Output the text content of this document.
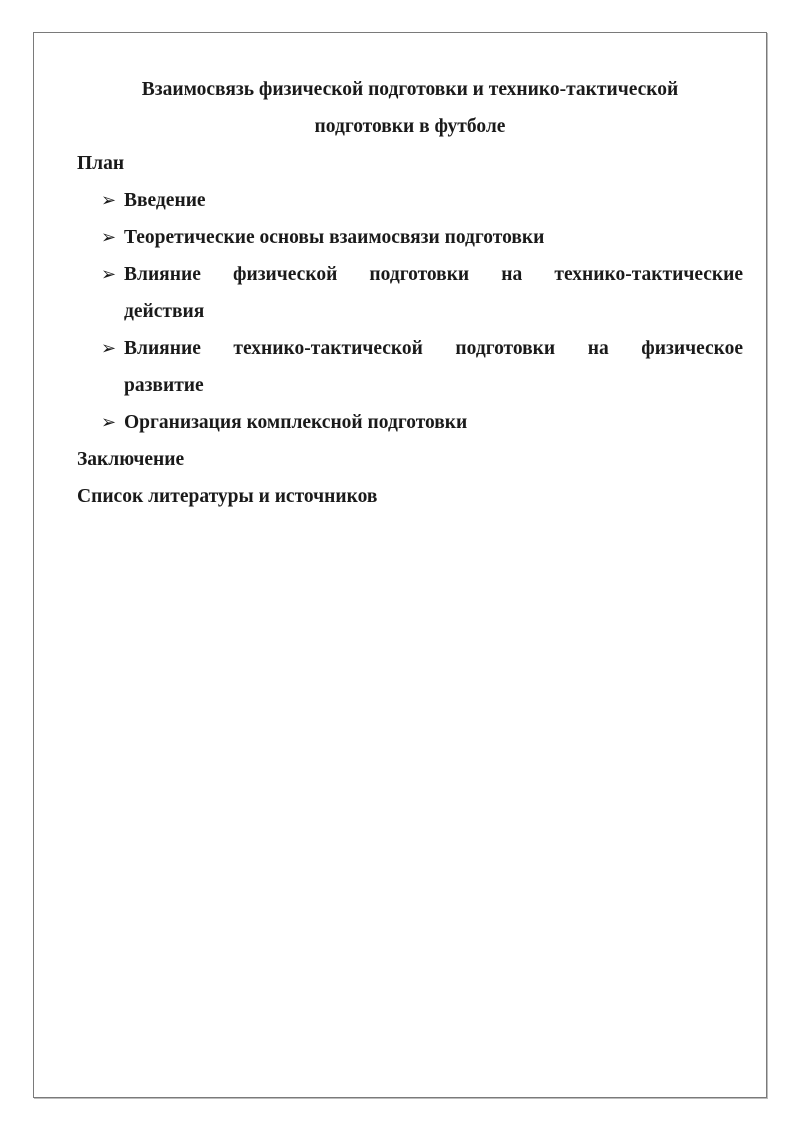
Взаимосвязь физической подготовки и технико-тактической
подготовки в футболе

План

➢ Введение
➢ Теоретические основы взаимосвязи подготовки
➢ Влияние физической подготовки на технико-тактические
действия
➢ Влияние технико-тактической подготовки на физическое
развитие
➢ Организация комплексной подготовки

Заключение

Список литературы и источников
